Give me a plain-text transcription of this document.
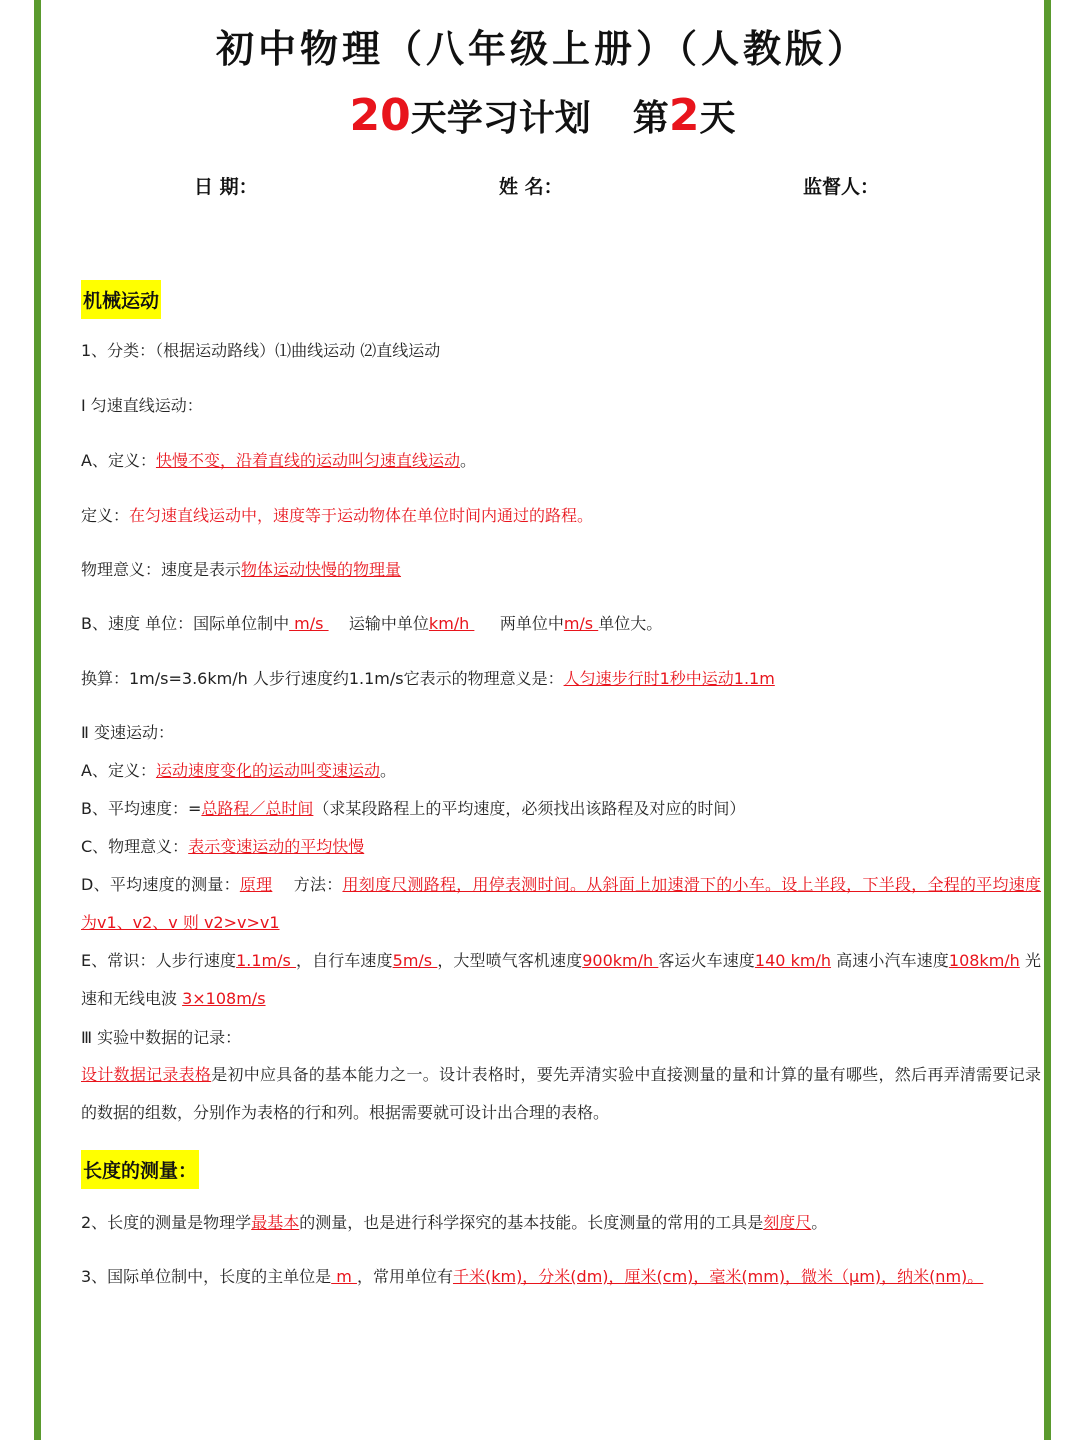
初中物理（八年级上册）（人教版）
20天学习计划 第2天
日 期：	姓 名：	监督人：
机械运动
1、分类：（根据运动路线）⑴曲线运动 ⑵直线运动
Ⅰ 匀速直线运动：
A、定义：快慢不变，沿着直线的运动叫匀速直线运动。
定义：在匀速直线运动中，速度等于运动物体在单位时间内通过的路程。
物理意义：速度是表示物体运动快慢的物理量
B、速度 单位：国际单位制中 m/s     运输中单位km/h      两单位中m/s 单位大。
换算：1m/s=3.6km/h 人步行速度约1.1m/s它表示的物理意义是：人匀速步行时1秒中运动1.1m
Ⅱ 变速运动：
A、定义：运动速度变化的运动叫变速运动。
B、平均速度：=总路程／总时间（求某段路程上的平均速度，必须找出该路程及对应的时间）
C、物理意义：表示变速运动的平均快慢
D、平均速度的测量：原理    方法：用刻度尺测路程，用停表测时间。从斜面上加速滑下的小车。设上半段，下半段，全程的平均速度为v1、v2、v 则 v2>v>v1
E、常识：人步行速度1.1m/s ，自行车速度5m/s ，大型喷气客机速度900km/h 客运火车速度140 km/h 高速小汽车速度108km/h 光速和无线电波 3×108m/s
Ⅲ 实验中数据的记录：
设计数据记录表格是初中应具备的基本能力之一。设计表格时，要先弄清实验中直接测量的量和计算的量有哪些，然后再弄清需要记录的数据的组数，分别作为表格的行和列。根据需要就可设计出合理的表格。
长度的测量：
2、长度的测量是物理学最基本的测量，也是进行科学探究的基本技能。长度测量的常用的工具是刻度尺。
3、国际单位制中，长度的主单位是 m ，常用单位有千米(km)，分米(dm)，厘米(cm)，毫米(mm)，微米（μm)，纳米(nm)。
